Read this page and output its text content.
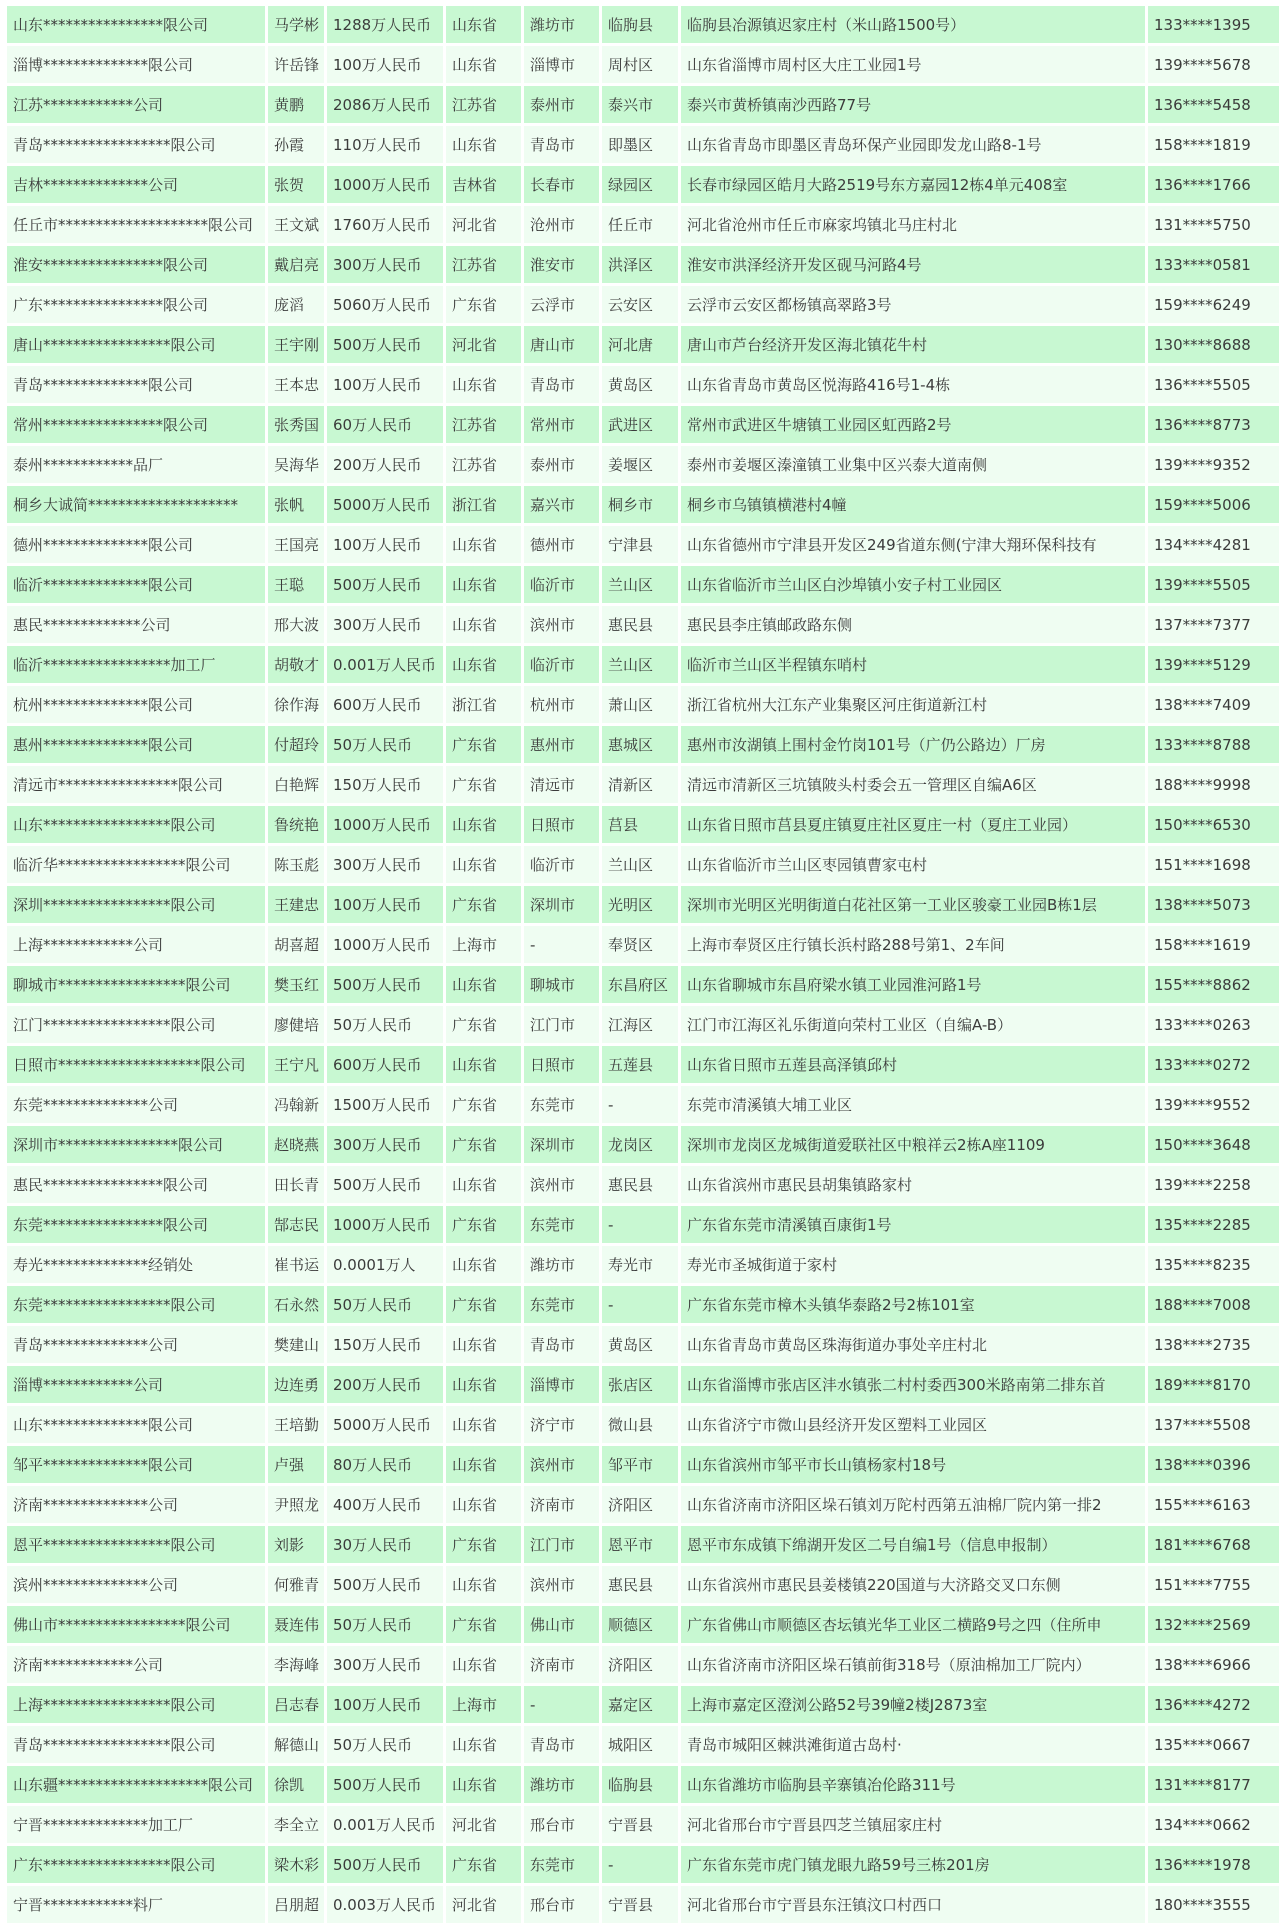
山东****************限公司	马学彬	1288万人民币	山东省	潍坊市	临朐县	临朐县冶源镇迟家庄村（米山路1500号）	133****1395
淄博**************限公司	许岳锋	100万人民币	山东省	淄博市	周村区	山东省淄博市周村区大庄工业园1号	139****5678
江苏************公司	黄鹏	2086万人民币	江苏省	泰州市	泰兴市	泰兴市黄桥镇南沙西路77号	136****5458
青岛*****************限公司	孙霞	110万人民币	山东省	青岛市	即墨区	山东省青岛市即墨区青岛环保产业园即发龙山路8-1号	158****1819
吉林**************公司	张贺	1000万人民币	吉林省	长春市	绿园区	长春市绿园区皓月大路2519号东方嘉园12栋4单元408室	136****1766
任丘市********************限公司	王文斌	1760万人民币	河北省	沧州市	任丘市	河北省沧州市任丘市麻家坞镇北马庄村北	131****5750
淮安****************限公司	戴启亮	300万人民币	江苏省	淮安市	洪泽区	淮安市洪泽经济开发区砚马河路4号	133****0581
广东****************限公司	庞滔	5060万人民币	广东省	云浮市	云安区	云浮市云安区都杨镇高翠路3号	159****6249
唐山*****************限公司	王宇刚	500万人民币	河北省	唐山市	河北唐	唐山市芦台经济开发区海北镇花牛村	130****8688
青岛**************限公司	王本忠	100万人民币	山东省	青岛市	黄岛区	山东省青岛市黄岛区悦海路416号1-4栋	136****5505
常州****************限公司	张秀国	60万人民币	江苏省	常州市	武进区	常州市武进区牛塘镇工业园区虹西路2号	136****8773
泰州************品厂	吴海华	200万人民币	江苏省	泰州市	姜堰区	泰州市姜堰区溱潼镇工业集中区兴泰大道南侧	139****9352
桐乡大诚简********************	张帆	5000万人民币	浙江省	嘉兴市	桐乡市	桐乡市乌镇镇横港村4幢	159****5006
德州**************限公司	王国亮	100万人民币	山东省	德州市	宁津县	山东省德州市宁津县开发区249省道东侧(宁津大翔环保科技有	134****4281
临沂**************限公司	王聪	500万人民币	山东省	临沂市	兰山区	山东省临沂市兰山区白沙埠镇小安子村工业园区	139****5505
惠民*************公司	邢大波	300万人民币	山东省	滨州市	惠民县	惠民县李庄镇邮政路东侧	137****7377
临沂*****************加工厂	胡敬才	0.001万人民币	山东省	临沂市	兰山区	临沂市兰山区半程镇东哨村	139****5129
杭州**************限公司	徐作海	600万人民币	浙江省	杭州市	萧山区	浙江省杭州大江东产业集聚区河庄街道新江村	138****7409
惠州**************限公司	付超玲	50万人民币	广东省	惠州市	惠城区	惠州市汝湖镇上围村金竹岗101号（广仍公路边）厂房	133****8788
清远市****************限公司	白艳辉	150万人民币	广东省	清远市	清新区	清远市清新区三坑镇陂头村委会五一管理区自编A6区	188****9998
山东*****************限公司	鲁统艳	1000万人民币	山东省	日照市	莒县	山东省日照市莒县夏庄镇夏庄社区夏庄一村（夏庄工业园）	150****6530
临沂华*****************限公司	陈玉彪	300万人民币	山东省	临沂市	兰山区	山东省临沂市兰山区枣园镇曹家屯村	151****1698
深圳*****************限公司	王建忠	100万人民币	广东省	深圳市	光明区	深圳市光明区光明街道白花社区第一工业区骏豪工业园B栋1层	138****5073
上海************公司	胡喜超	1000万人民币	上海市	-	奉贤区	上海市奉贤区庄行镇长浜村路288号第1、2车间	158****1619
聊城市*****************限公司	樊玉红	500万人民币	山东省	聊城市	东昌府区	山东省聊城市东昌府梁水镇工业园淮河路1号	155****8862
江门*****************限公司	廖健培	50万人民币	广东省	江门市	江海区	江门市江海区礼乐街道向荣村工业区（自编A-B）	133****0263
日照市*******************限公司	王宁凡	600万人民币	山东省	日照市	五莲县	山东省日照市五莲县高泽镇邱村	133****0272
东莞**************公司	冯翰新	1500万人民币	广东省	东莞市	-	东莞市清溪镇大埔工业区	139****9552
深圳市****************限公司	赵晓燕	300万人民币	广东省	深圳市	龙岗区	深圳市龙岗区龙城街道爱联社区中粮祥云2栋A座1109	150****3648
惠民****************限公司	田长青	500万人民币	山东省	滨州市	惠民县	山东省滨州市惠民县胡集镇路家村	139****2258
东莞****************限公司	郜志民	1000万人民币	广东省	东莞市	-	广东省东莞市清溪镇百康街1号	135****2285
寿光**************经销处	崔书运	0.0001万人	山东省	潍坊市	寿光市	寿光市圣城街道于家村	135****8235
东莞*****************限公司	石永然	50万人民币	广东省	东莞市	-	广东省东莞市樟木头镇华泰路2号2栋101室	188****7008
青岛**************公司	樊建山	150万人民币	山东省	青岛市	黄岛区	山东省青岛市黄岛区珠海街道办事处辛庄村北	138****2735
淄博************公司	边连勇	200万人民币	山东省	淄博市	张店区	山东省淄博市张店区沣水镇张二村村委西300米路南第二排东首	189****8170
山东**************限公司	王培勤	5000万人民币	山东省	济宁市	微山县	山东省济宁市微山县经济开发区塑料工业园区	137****5508
邹平**************限公司	卢强	80万人民币	山东省	滨州市	邹平市	山东省滨州市邹平市长山镇杨家村18号	138****0396
济南**************公司	尹照龙	400万人民币	山东省	济南市	济阳区	山东省济南市济阳区垛石镇刘万陀村西第五油棉厂院内第一排2	155****6163
恩平*****************限公司	刘影	30万人民币	广东省	江门市	恩平市	恩平市东成镇下绵湖开发区二号自编1号（信息申报制）	181****6768
滨州**************公司	何雅青	500万人民币	山东省	滨州市	惠民县	山东省滨州市惠民县姜楼镇220国道与大济路交叉口东侧	151****7755
佛山市*****************限公司	聂连伟	50万人民币	广东省	佛山市	顺德区	广东省佛山市顺德区杏坛镇光华工业区二横路9号之四（住所申	132****2569
济南************公司	李海峰	300万人民币	山东省	济南市	济阳区	山东省济南市济阳区垛石镇前街318号（原油棉加工厂院内）	138****6966
上海*****************限公司	吕志春	100万人民币	上海市	-	嘉定区	上海市嘉定区澄浏公路52号39幢2楼J2873室	136****4272
青岛*****************限公司	解德山	50万人民币	山东省	青岛市	城阳区	青岛市城阳区棘洪滩街道古岛村·	135****0667
山东疆********************限公司	徐凯	500万人民币	山东省	潍坊市	临朐县	山东省潍坊市临朐县辛寨镇冶伦路311号	131****8177
宁晋**************加工厂	李全立	0.001万人民币	河北省	邢台市	宁晋县	河北省邢台市宁晋县四芝兰镇屈家庄村	134****0662
广东*****************限公司	梁木彩	500万人民币	广东省	东莞市	-	广东省东莞市虎门镇龙眼九路59号三栋201房	136****1978
宁晋************料厂	吕朋超	0.003万人民币	河北省	邢台市	宁晋县	河北省邢台市宁晋县东汪镇汶口村西口	180****3555
